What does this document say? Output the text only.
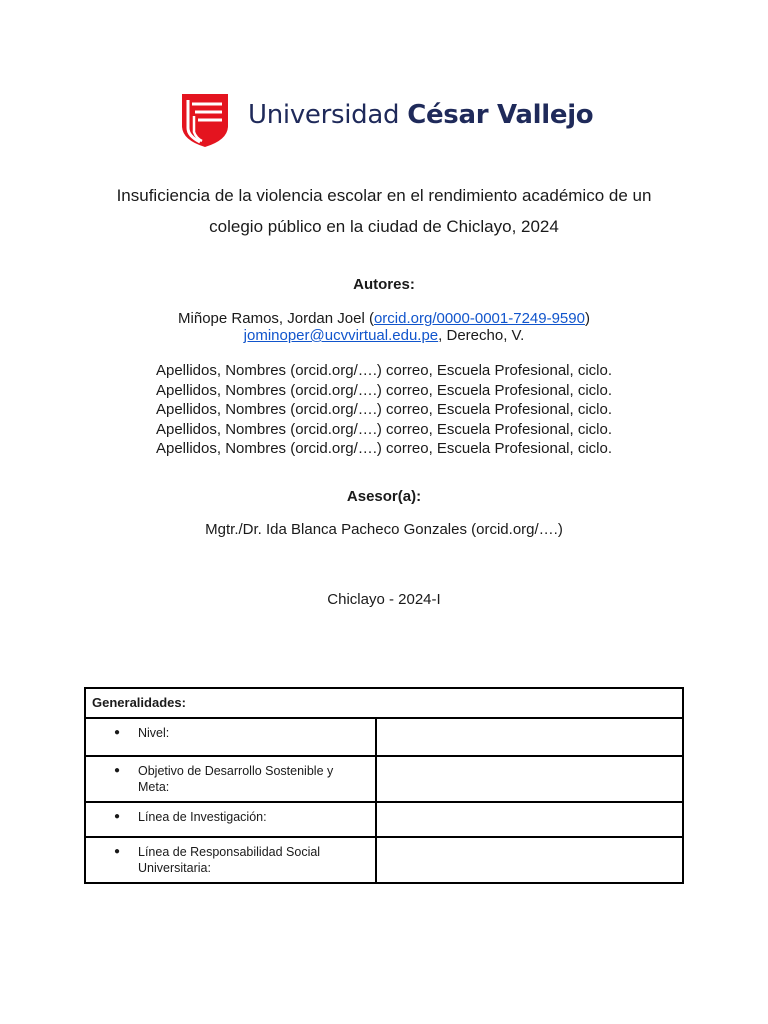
Universidad César Vallejo
Insuficiencia de la violencia escolar en el rendimiento académico de un
colegio público en la ciudad de Chiclayo, 2024
Autores:
Miñope Ramos, Jordan Joel (orcid.org/0000-0001-7249-9590)
jominoper@ucvvirtual.edu.pe, Derecho, V.
Apellidos, Nombres (orcid.org/….) correo, Escuela Profesional, ciclo.
Apellidos, Nombres (orcid.org/….) correo, Escuela Profesional, ciclo.
Apellidos, Nombres (orcid.org/….) correo, Escuela Profesional, ciclo.
Apellidos, Nombres (orcid.org/….) correo, Escuela Profesional, ciclo.
Apellidos, Nombres (orcid.org/….) correo, Escuela Profesional, ciclo.
Asesor(a):
Mgtr./Dr. Ida Blanca Pacheco Gonzales (orcid.org/….)
Chiclayo - 2024-I
Generalidades:	

● Nivel:	

● Objetivo de Desarrollo Sostenible y Meta:	

● Línea de Investigación:	

● Línea de Responsabilidad Social Universitaria:	
